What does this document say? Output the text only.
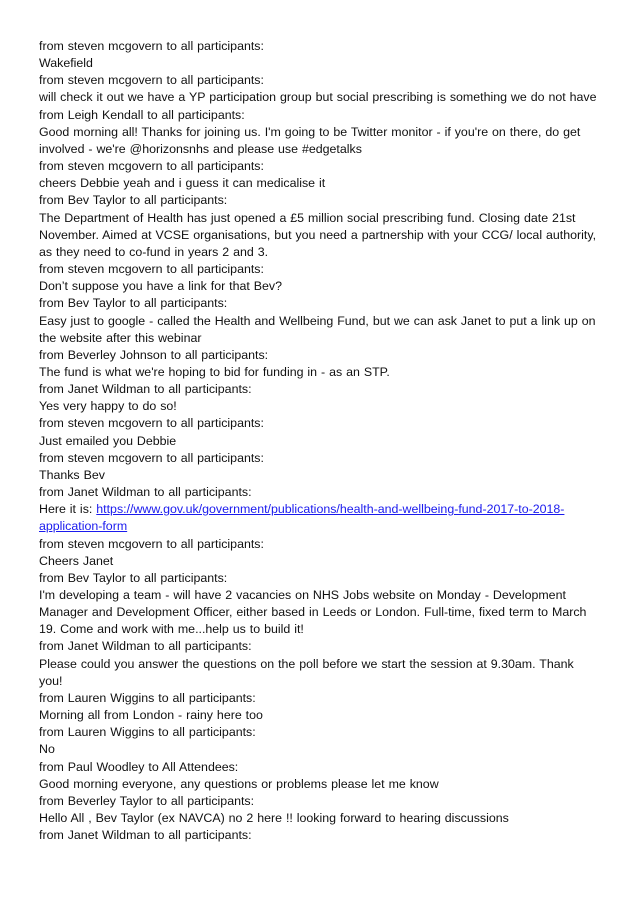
from steven mcgovern to all participants:
Wakefield
from steven mcgovern to all participants:
will check it out we have a YP participation group but social prescribing is something we do not have
from Leigh Kendall to all participants:
Good morning all! Thanks for joining us. I'm going to be Twitter monitor - if you're on there, do get involved - we're @horizonsnhs and please use #edgetalks
from steven mcgovern to all participants:
cheers Debbie yeah and i guess it can medicalise it
from Bev Taylor to all participants:
The Department of Health has just opened a £5 million social prescribing fund. Closing date 21st November. Aimed at VCSE organisations, but you need a partnership with your CCG/ local authority, as they need to co-fund in years 2 and 3.
from steven mcgovern to all participants:
Don’t suppose you have a link for that Bev?
from Bev Taylor to all participants:
Easy just to google - called the Health and Wellbeing Fund, but we can ask Janet to put a link up on the website after this webinar
from Beverley Johnson to all participants:
The fund is what we're hoping to bid for funding in - as an STP.
from Janet Wildman to all participants:
Yes very happy to do so!
from steven mcgovern to all participants:
Just emailed you Debbie
from steven mcgovern to all participants:
Thanks Bev
from Janet Wildman to all participants:
Here it is: https://www.gov.uk/government/publications/health-and-wellbeing-fund-2017-to-2018-application-form
from steven mcgovern to all participants:
Cheers Janet
from Bev Taylor to all participants:
I'm developing a team - will have 2 vacancies on NHS Jobs website on Monday - Development Manager and Development Officer, either based in Leeds or London. Full-time, fixed term to March 19. Come and work with me...help us to build it!
from Janet Wildman to all participants:
Please could you answer the questions on the poll before we start the session at 9.30am. Thank you!
from Lauren Wiggins to all participants:
Morning all from London - rainy here too
from Lauren Wiggins to all participants:
No
from Paul Woodley to All Attendees:
Good morning everyone, any questions or problems please let me know
from Beverley Taylor to all participants:
Hello All , Bev Taylor (ex NAVCA) no 2 here !! looking forward to hearing discussions
from Janet Wildman to all participants:
